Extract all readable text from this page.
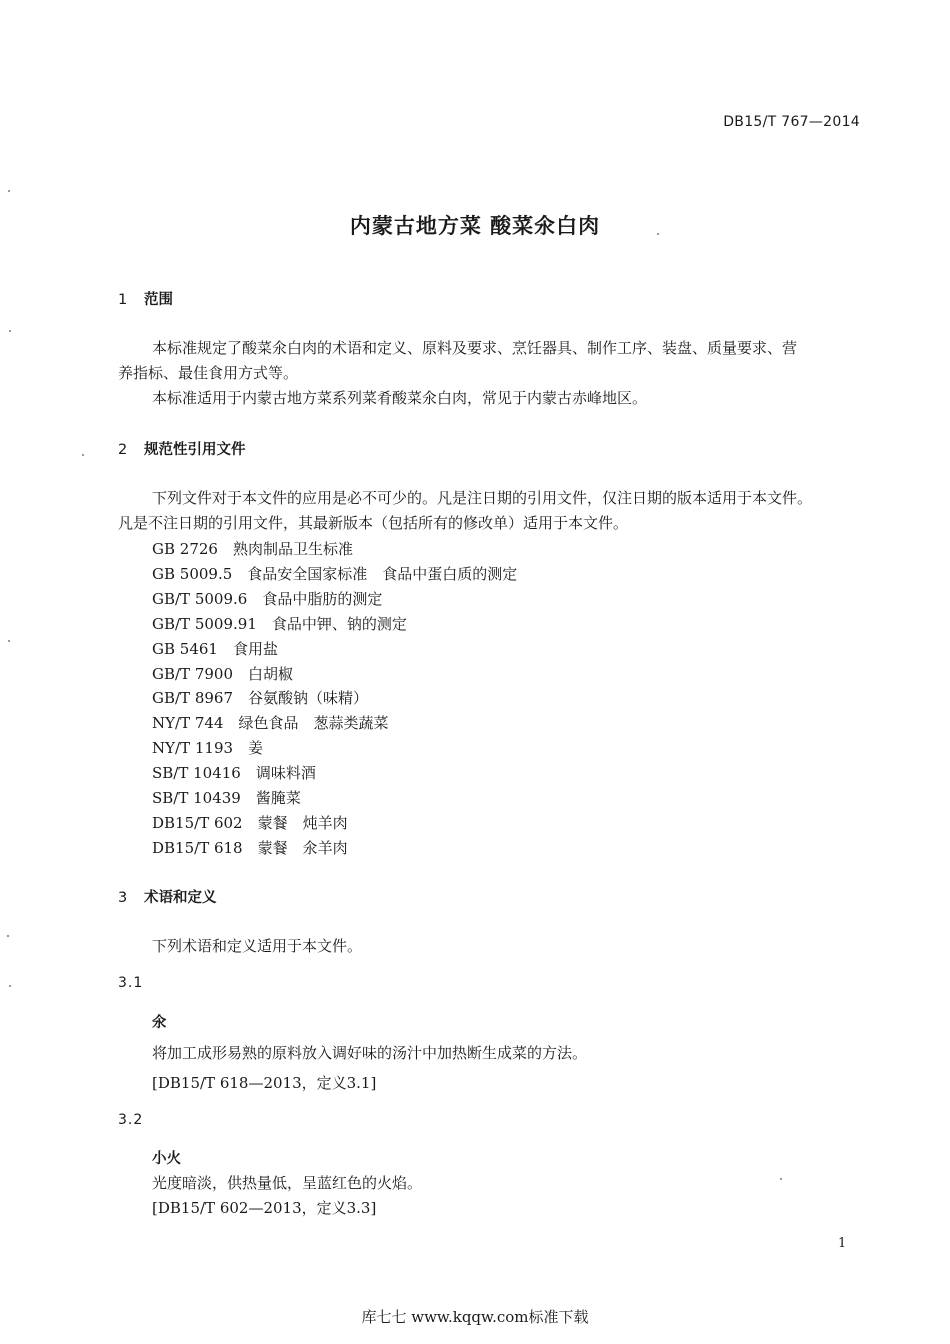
DB15/T 767—2014
内蒙古地方菜 酸菜氽白肉
1 范围
本标准规定了酸菜氽白肉的术语和定义、原料及要求、烹饪器具、制作工序、装盘、质量要求、营
养指标、最佳食用方式等。
本标准适用于内蒙古地方菜系列菜肴酸菜氽白肉，常见于内蒙古赤峰地区。
2 规范性引用文件
下列文件对于本文件的应用是必不可少的。凡是注日期的引用文件，仅注日期的版本适用于本文件。
凡是不注日期的引用文件，其最新版本（包括所有的修改单）适用于本文件。
GB 2726　 熟肉制品卫生标准
GB 5009.5　 食品安全国家标准　食品中蛋白质的测定
GB/T 5009.6　 食品中脂肪的测定
GB/T 5009.91　 食品中钾、钠的测定
GB 5461　 食用盐
GB/T 7900　 白胡椒
GB/T 8967　 谷氨酸钠（味精）
NY/T 744　 绿色食品　葱蒜类蔬菜
NY/T 1193　 姜
SB/T 10416　 调味料酒
SB/T 10439　 酱腌菜
DB15/T 602　 蒙餐　炖羊肉
DB15/T 618　 蒙餐　氽羊肉
3 术语和定义
下列术语和定义适用于本文件。
3.1
氽
将加工成形易熟的原料放入调好味的汤汁中加热断生成菜的方法。
[DB15/T 618—2013，定义3.1]
3.2
小火
光度暗淡，供热量低，呈蓝红色的火焰。
[DB15/T 602—2013，定义3.3]
1
库七七 www.kqqw.com标准下载
